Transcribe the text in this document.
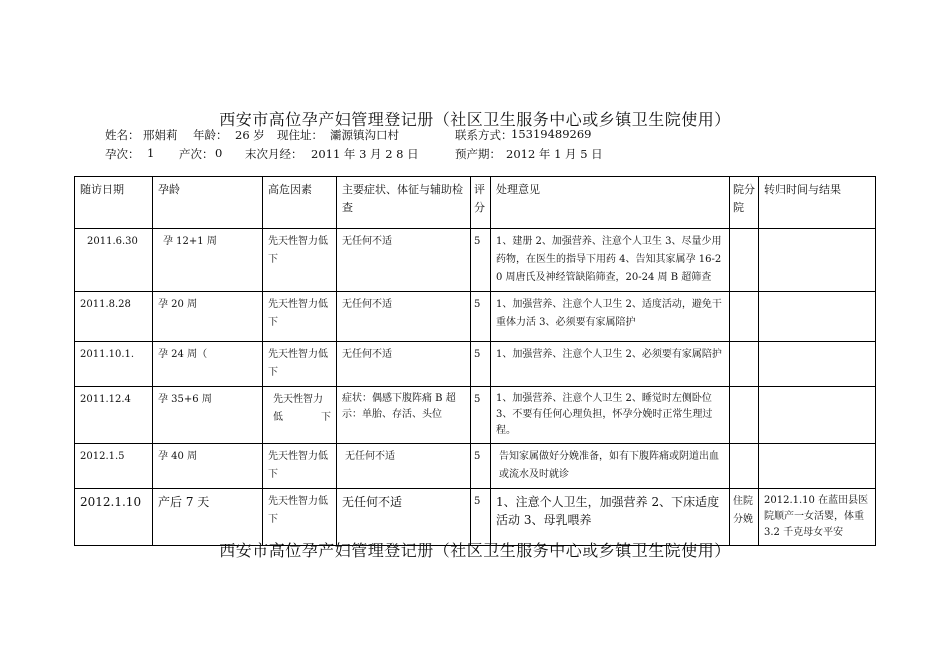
西安市高位孕产妇管理登记册（社区卫生服务中心或乡镇卫生院使用）
姓名： 邢娟莉 年龄： 26 岁 现住址： 灞源镇沟口村	联系方式：
15319489269
孕次： 1 产次： 0 末次月经： 2011 年 3 月 2 8 日	预产期： 2012 年 1 月 5 日
随访日期	孕龄	高危因素	主要症状、体征与辅助检查	评分	处理意见	院分院	转归时间与结果
2011.6.30	孕 12+1 周	先天性智力低下	无任何不适	5	1、建册 2、加强营养、注意个人卫生 3、尽量少用药物，在医生的指导下用药 4、告知其家属孕 16-20 周唐氏及神经管缺陷筛查，20-24 周 B 超筛查		
2011.8.28	孕 20 周	先天性智力低下	无任何不适	5	1、加强营养、注意个人卫生 2、适度活动，避免干重体力活 3、必须要有家属陪护		
2011.10.1.	孕 24 周（	先天性智力低下	无任何不适	5	1、加强营养、注意个人卫生 2、必须要有家属陪护		
2011.12.4	孕 35+6 周	先天性智力低下	症状：偶感下腹阵痛 B 超示：单胎、存活、头位	5	1、加强营养、注意个人卫生 2、睡觉时左侧卧位 3、不要有任何心理负担，怀孕分娩时正常生理过程。		
2012.1.5	孕 40 周	先天性智力低下	无任何不适	5	告知家属做好分娩准备，如有下腹阵痛或阴道出血或流水及时就诊		
2012.1.10	产后 7 天	先天性智力低下	无任何不适	5	1、注意个人卫生，加强营养 2、下床适度活动 3、母乳喂养	住院分娩	2012.1.10 在蓝田县医院顺产一女活婴，体重 3.2 千克母女平安
西安市高位孕产妇管理登记册（社区卫生服务中心或乡镇卫生院使用）
